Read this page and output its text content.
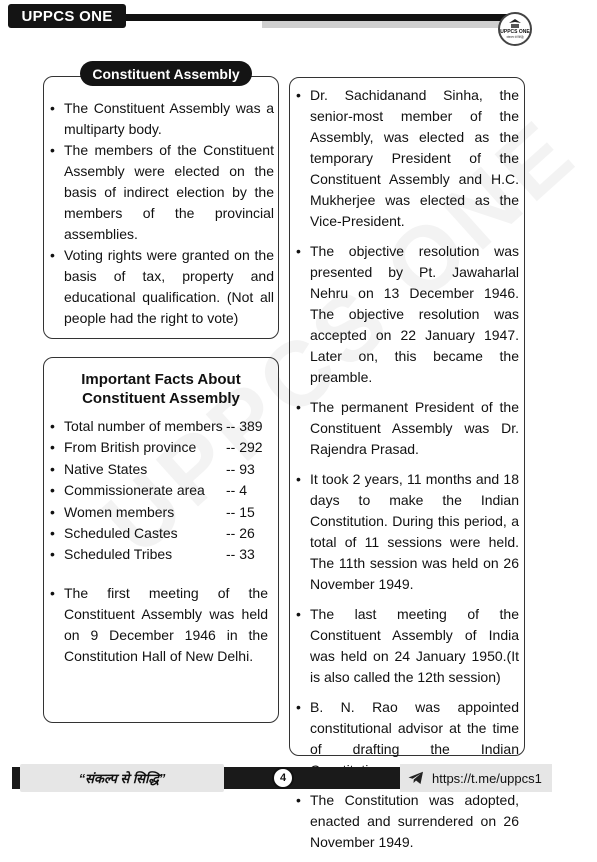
UPPCS ONE
UPPCS ONE
संकल्प से सिद्धि
Constituent Assembly
• The Constituent Assembly was a multiparty body.
• The members of the Constituent Assembly were elected on the basis of indirect election by the members of the provincial assemblies.
• Voting rights were granted on the basis of tax, property and educational qualification. (Not all people had the right to vote)
Important Facts About Constituent Assembly
• Total number of members -- 389
• From British province -- 292
• Native States	-- 93
• Commissionerate area -- 4
• Women members	-- 15
• Scheduled Castes	-- 26
• Scheduled Tribes	-- 33
• The first meeting of the Constituent Assembly was held on 9 December 1946 in the Constitution Hall of New Delhi.
• Dr. Sachidanand Sinha, the senior-most member of the Assembly, was elected as the temporary President of the Constituent Assembly and H.C. Mukherjee was elected as the Vice-President.
• The objective resolution was presented by Pt. Jawaharlal Nehru on 13 December 1946. The objective resolution was accepted on 22 January 1947. Later on, this became the preamble.
• The permanent President of the Constituent Assembly was Dr. Rajendra Prasad.
• It took 2 years, 11 months and 18 days to make the Indian Constitution. During this period, a total of 11 sessions were held. The 11th session was held on 26 November 1949.
• The last meeting of the Constituent Assembly of India was held on 24 January 1950.(It is also called the 12th session)
• B. N. Rao was appointed constitutional advisor at the time of drafting the Indian
• The Constitution was adopted, enacted and surrendered on 26 November 1949.
“संकल्प से सिद्धि”	4	https://t.me/uppcs1
